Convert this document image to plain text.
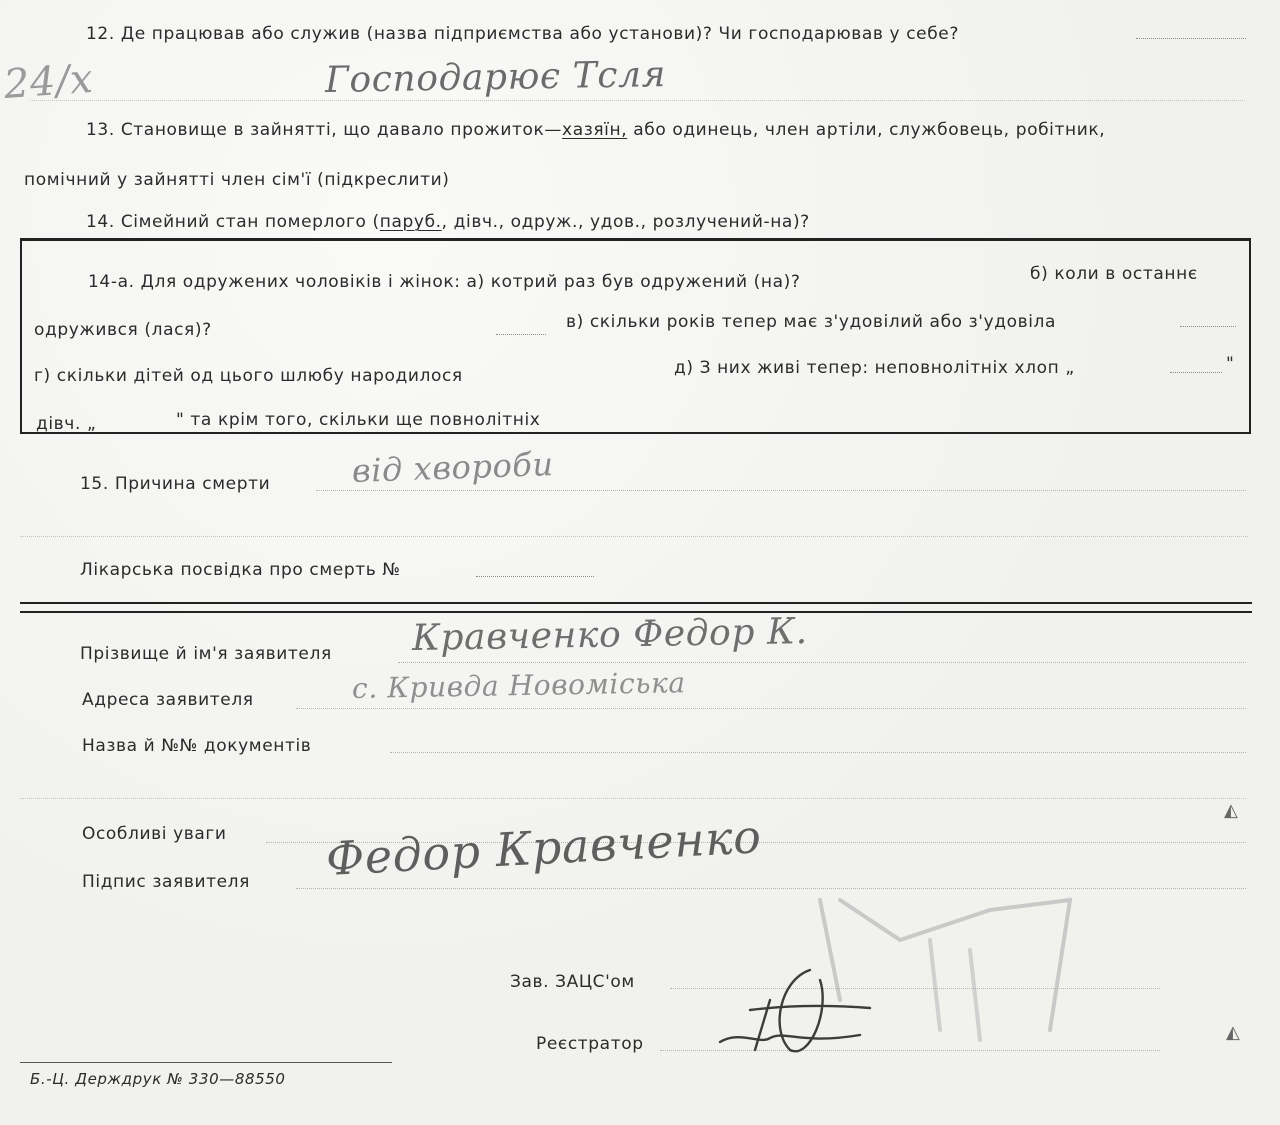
24/x
12. Де працював або служив (назва підприємства або установи)? Чи господарював у себе?
Господарює Тсля
13. Становище в зайнятті, що давало прожиток—хазяїн, або одинець, член артіли, службовець, робітник,
помічний у зайнятті член сім'ї (підкреслити)
14. Сімейний стан померлого (паруб., дівч., одруж., удов., розлучений-на)?
14-а. Для одружених чоловіків і жінок: а) котрий раз був одружений (на)?	б) коли в останнє
одружився (лася)?	в) скільки років тепер має з'удовілий або з'удовіла
г) скільки дітей од цього шлюбу народилося	д) З них живі тепер: неповнолітніх хлоп „	"
дівч. „	" та крім того, скільки ще повнолітніх
15. Причина смерти	від хвороби
Лікарська посвідка про смерть №
Прізвище й ім'я заявителя Кравченко Федор К.
Адреса заявителя	с. Кривда Новоміська
Назва й №№ документів
Особливі уваги
◭
Підпис заявителя Федор Кравченко
Зав. ЗАЦС'ом
Реєстратор
◭
Б.-Ц. Держдрук № 330—88550
